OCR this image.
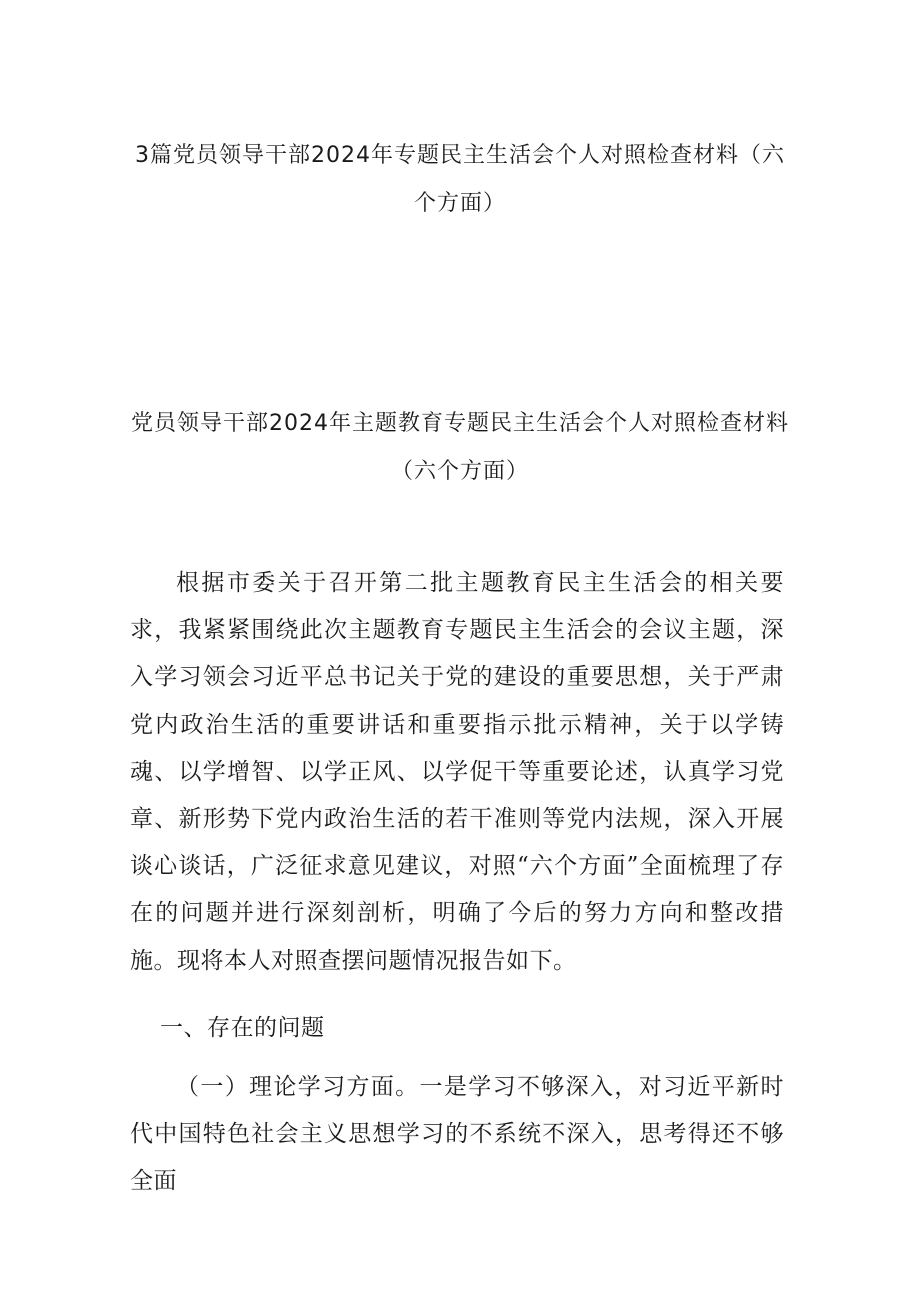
3篇党员领导干部2024年专题民主生活会个人对照检查材料（六个方面）
党员领导干部2024年主题教育专题民主生活会个人对照检查材料（六个方面）

根据市委关于召开第二批主题教育民主生活会的相关要求，我紧紧围绕此次主题教育专题民主生活会的会议主题，深入学习领会习近平总书记关于党的建设的重要思想，关于严肃党内政治生活的重要讲话和重要指示批示精神，关于以学铸魂、以学增智、以学正风、以学促干等重要论述，认真学习党章、新形势下党内政治生活的若干准则等党内法规，深入开展谈心谈话，广泛征求意见建议，对照“六个方面”全面梳理了存在的问题并进行深刻剖析，明确了今后的努力方向和整改措施。现将本人对照查摆问题情况报告如下。

一、存在的问题

（一）理论学习方面。一是学习不够深入，对习近平新时代中国特色社会主义思想学习的不系统不深入，思考得还不够全面
